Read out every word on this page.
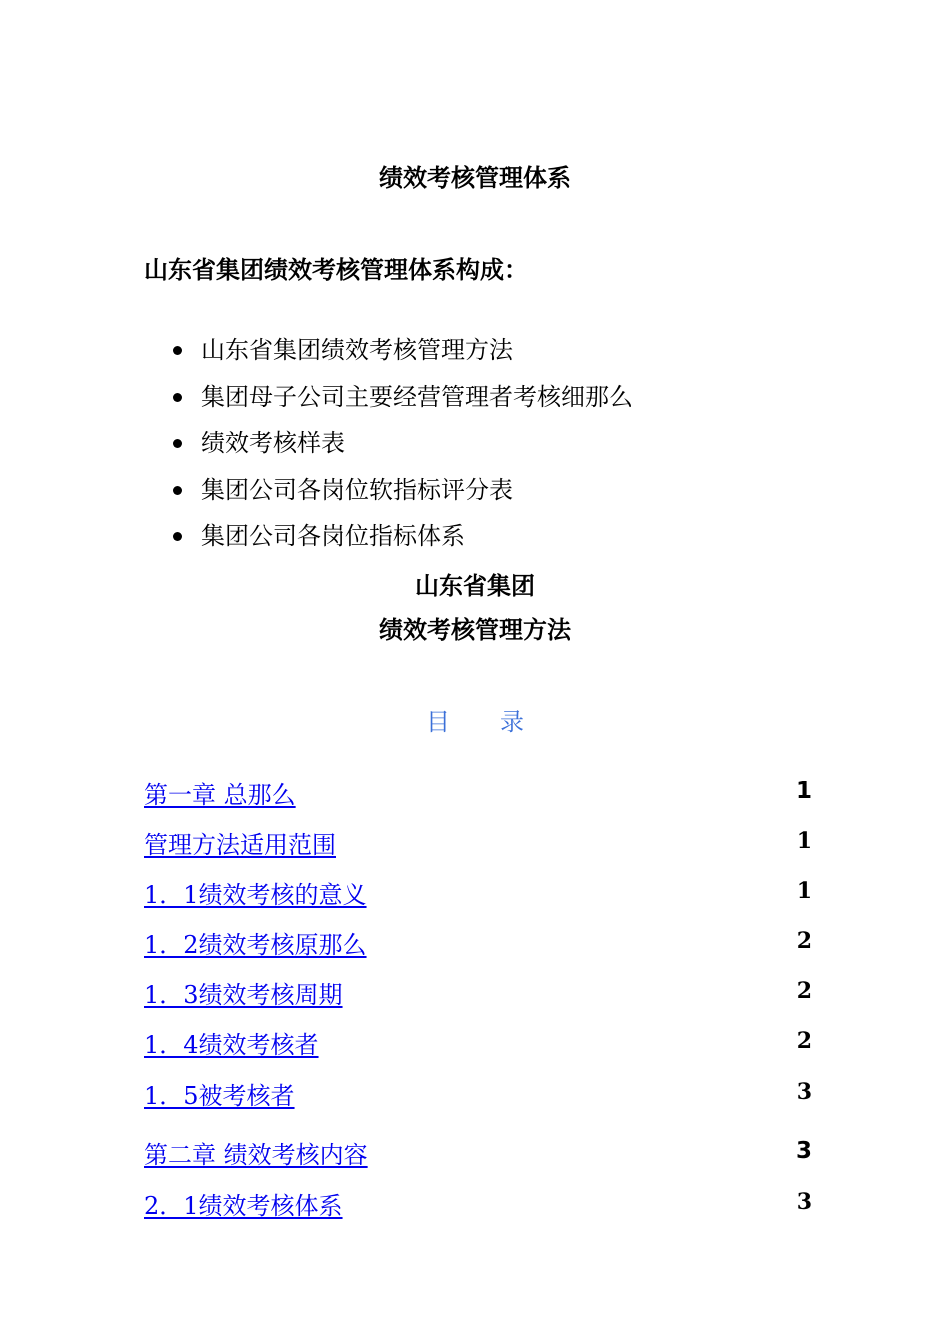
绩效考核管理体系
山东省集团绩效考核管理体系构成：
山东省集团绩效考核管理方法
集团母子公司主要经营管理者考核细那么
绩效考核样表
集团公司各岗位软指标评分表
集团公司各岗位指标体系
山东省集团
绩效考核管理方法
目 录
第一章 总那么	1
管理方法适用范围	1
1．1绩效考核的意义	1
1．2绩效考核原那么	2
1．3绩效考核周期	2
1．4绩效考核者	2
1．5被考核者	3
第二章 绩效考核内容	3
2．1绩效考核体系	3
